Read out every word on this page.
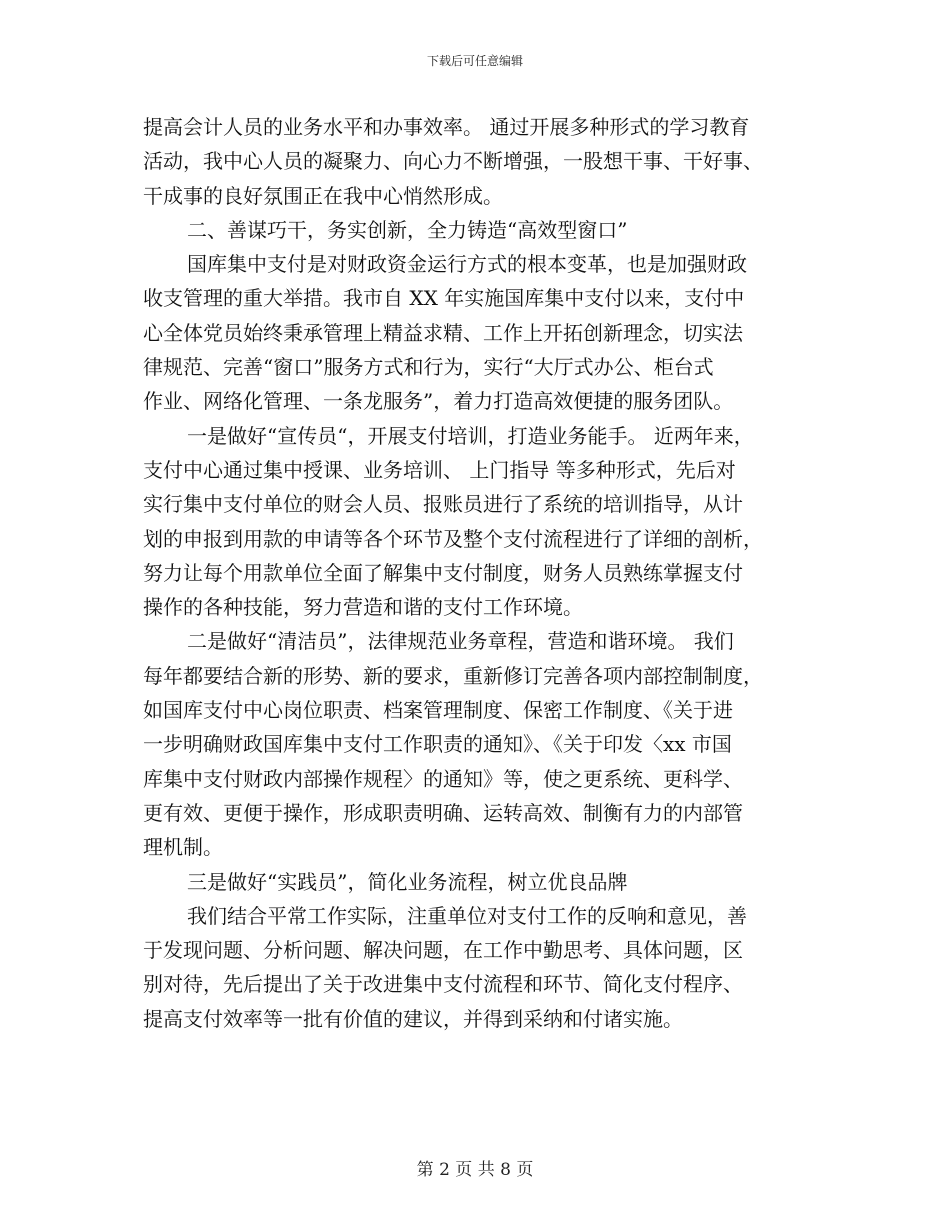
下载后可任意编辑
提高会计人员的业务水平和办事效率。 通过开展多种形式的学习教育
活动，我中心人员的凝聚力、向心力不断增强，一股想干事、干好事、
干成事的良好氛围正在我中心悄然形成。
二、善谋巧干，务实创新，全力铸造“高效型窗口”
国库集中支付是对财政资金运行方式的根本变革，也是加强财政
收支管理的重大举措。我市自 XX 年实施国库集中支付以来，支付中
心全体党员始终秉承管理上精益求精、工作上开拓创新理念，切实法
律规范、完善“窗口”服务方式和行为，实行“大厅式办公、柜台式
作业、网络化管理、一条龙服务”，着力打造高效便捷的服务团队。
一是做好“宣传员“，开展支付培训，打造业务能手。 近两年来，
支付中心通过集中授课、业务培训、 上门指导 等多种形式，先后对
实行集中支付单位的财会人员、报账员进行了系统的培训指导，从计
划的申报到用款的申请等各个环节及整个支付流程进行了详细的剖析，
努力让每个用款单位全面了解集中支付制度，财务人员熟练掌握支付
操作的各种技能，努力营造和谐的支付工作环境。
二是做好“清洁员”，法律规范业务章程，营造和谐环境。 我们
每年都要结合新的形势、新的要求，重新修订完善各项内部控制制度，
如国库支付中心岗位职责、档案管理制度、保密工作制度、《关于进
一步明确财政国库集中支付工作职责的通知》、《关于印发〈xx 市国
库集中支付财政内部操作规程〉的通知》等，使之更系统、更科学、
更有效、更便于操作，形成职责明确、运转高效、制衡有力的内部管
理机制。
三是做好“实践员”，简化业务流程，树立优良品牌
我们结合平常工作实际，注重单位对支付工作的反响和意见，善
于发现问题、分析问题、解决问题，在工作中勤思考、具体问题，区
别对待，先后提出了关于改进集中支付流程和环节、简化支付程序、
提高支付效率等一批有价值的建议，并得到采纳和付诸实施。
第 2 页 共 8 页
